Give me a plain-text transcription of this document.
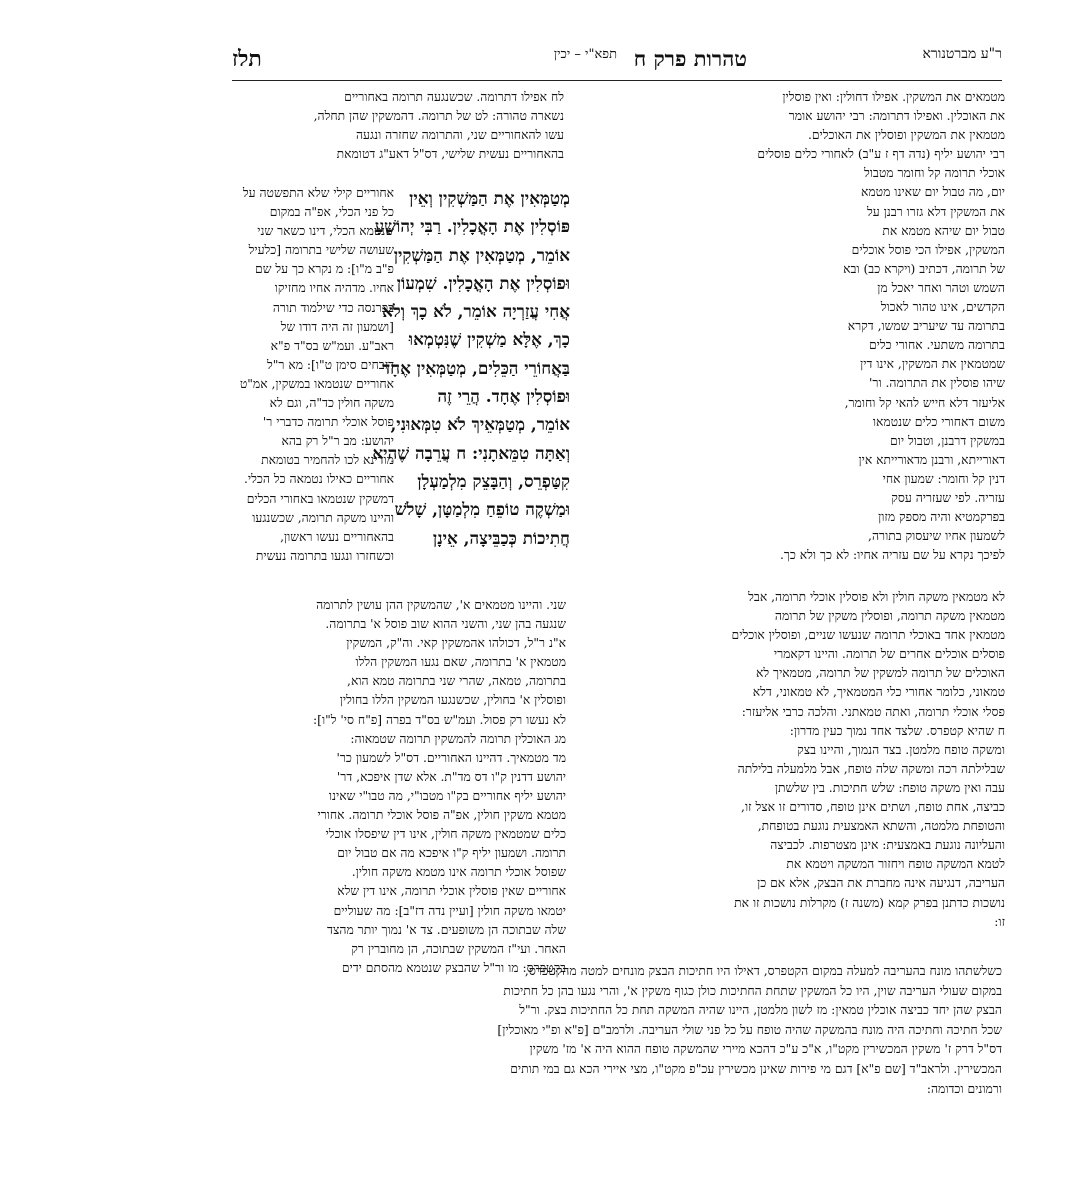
ר"ע מברטנורא
טהרות פרק ח
תפא"י – יכין
תלז
מטמאים את המשקין. אפילו דחולין: ואין פוסלין
את האוכלין. ואפילו דתרומה: רבי יהושע אומר
מטמאין את המשקין ופוסלין את האוכלים.
רבי יהושע יליף (נדה דף ז ע"ב) לאחורי כלים פוסלים
אוכלי תרומה קל וחומר מטבול
יום, מה טבול יום שאינו מטמא
את המשקין דלא גזרו רבנן על
טבול יום שיהא מטמא את
המשקין, אפילו הכי פוסל אוכלים
של תרומה, דכתיב (ויקרא כב) ובא
השמש וטהר ואחר יאכל מן
הקדשים, אינו טהור לאכול
בתרומה עד שיעריב שמשו, דקרא
בתרומה משתעי. אחורי כלים
שמטמאין את המשקין, אינו דין
שיהו פוסלין את התרומה. ור'
אליעזר דלא חייש להאי קל וחומר,
משום דאחורי כלים שנטמאו
במשקין דרבנן, וטבול יום
דאורייתא, ורבנן מדאורייתא אין
דנין קל וחומר: שמעון אחי
עזריה. לפי שעזריה עסק
בפרקמטיא והיה מספק מזון
לשמעון אחיו שיעסוק בתורה,
לפיכך נקרא על שם עזריה אחיו: לא כך ולא כך.
לח אפילו דתרומה. שכשנגעה תרומה באחוריים
נשארה טהורה: לט של תרומה. דהמשקין שהן תחלה,
עשו להאחוריים שני, והתרומה שחזרה ונגעה
בהאחוריים נעשית שלישי, דס"ל דאע"ג דטומאת
מְטַמְּאִין אֶת הַמַּשְׁקִין וְאֵין
פּוֹסְלִין אֶת הָאֳכָלִין. רַבִּי יְהוֹשֻׁעַ
אוֹמֵר, מְטַמְּאִין אֶת הַמַּשְׁקִין
וּפוֹסְלִין אֶת הָאֳכָלִין. שִׁמְעוֹן
אֲחִי עֲזַרְיָה אוֹמֵר, לֹא כָךְ וְלֹא
כָךְ, אֶלָּא מַשְׁקִין שֶׁנִּטְמְאוּ
בַּאֲחוֹרֵי הַכֵּלִים, מְטַמְּאִין אֶחָד
וּפוֹסְלִין אֶחָד. הֲרֵי זֶה
אוֹמֵר, מְטַמְּאֵיךְ לֹא טִמְּאוּנִי,
וְאַתָּה טִמֵּאתָנִי: ח עֲרֵבָה שֶׁהִיא
קִטַּפְרֵס, וְהַבָּצֵק מִלְמַעְלָן
וּמַשְׁקֶה טוֹפֵחַ מִלְמַטָּן, שָׁלֹשׁ
חֲתִיכוֹת כְּכַבֵּיצָה, אֵינָן
אחוריים קילי שלא התפשטה על
כל פני הכלי, אפ"ה במקום
שנטמא הכלי, דינו כשאר שני
שעושה שלישי בתרומה [כלעיל
פ"ב מ"ו]: מ נקרא כך על שם
אחיו. מדהיה אחיו מחזיקו
בפרנסה כדי שילמוד תורה
[ושמעון זה היה דודו של
ראב"ע. ועמ"ש בס"ד פ"א
דזבחים סימן ט"ו]: מא ר"ל
אחוריים שנטמאו במשקין, אמ"ט
משקה חולין כד"ה, וגם לא
פוסל אוכלי תרומה כדברי ר'
יהושע: מב ר"ל רק בהא
מודינא לכו להחמיר בטומאת
אחוריים כאילו נטמאה כל הכלי.
דמשקין שנטמאו באחורי הכלים
והיינו משקה תרומה, שכשנגעו
בהאחוריים נעשו ראשון,
וכשחזרו ונגעו בתרומה נעשית
שני. והיינו מטמאים א', שהמשקין ההן עושין לתרומה
שנגעה בהן שני, והשני ההוא שוב פוסל א' בתרומה.
א"נ ר"ל, דכולהו אהמשקין קאי. וה"ק, המשקין
מטמאין א' בתרומה, שאם נגעו המשקין הללו
בתרומה, טמאה, שהרי שני בתרומה טמא הוא,
ופוסלין א' בחולין, שכשנגעו המשקין הללו בחולין
לא נעשו רק פסול. ועמ"ש בס"ד בפרה [פ"ח סי' ל"ו]:
מג האוכלין תרומה להמשקין תרומה שטמאוה:
מד מטמאיך. דהיינו האחוריים. דס"ל לשמעון כר'
יהושע דדנין ק"ו דס מד"ת. אלא שדן איפכא, דר'
יהושע יליף אחוריים בק"ו מטבו"י, מה טבו"י שאינו
מטמא משקין חולין, אפ"ה פוסל אוכלי תרומה. אחורי
כלים שמטמאין משקה חולין, אינו דין שיפסלו אוכלי
תרומה. ושמעון יליף ק"ו איפכא מה אם טבול יום
שפוסל אוכלי תרומה אינו מטמא משקה חולין.
אחוריים שאין פוסלין אוכלי תרומה, אינו דין שלא
יטמאו משקה חולין [ועיין נדה דז"ב]: מה שעוליים
שלה שבתוכה הן משופעים. צד א' נמוך יותר מהצד
האחר. ועי"ז המשקין שבתוכה, הן מחוברין רק
בקטפרס: מו ור"ל שהבצק שנטמא מהסתם ידים
לא מטמאין משקה חולין ולא פוסלין אוכלי תרומה, אבל
מטמאין משקה תרומה, ופוסלין משקין של תרומה
מטמאין אחד באוכלי תרומה שנעשו שניים, ופוסלין אוכלים
פוסלים אוכלים אחרים של תרומה. והיינו דקאמרי
האוכלים של תרומה למשקין של תרומה, מטמאיך לא
טמאוני, כלומר אחורי כלי המטמאיך, לא טמאוני, דלא
פסלי אוכלי תרומה, ואתה טמאתני. והלכה כרבי אליעזר:
ח שהיא קטפרס. שלצד אחד נמוך כעין מדרון:
ומשקה טופח מלמטן. בצד הנמוך, והיינו בצק
שבלילתה רכה ומשקה שלה טופח, אבל מלמעלה בלילתה
עבה ואין משקה טופח: שלש חתיכות. בין שלשתן
כביצה, אחת טופח, ושתים אינן טופח, סדורים זו אצל זו,
והטופחת מלמטה, והשתא האמצעית נוגעת בטופחת,
והעליונה נוגעת באמצעית: אינן מצטרפות. לכביצה
לטמא המשקה טופח ויחזור המשקה ויטמא את
העריבה, דנגיעה אינה מחברת את הבצק, אלא אם כן
נושכות כדתנן בפרק קמא (משנה ז) מקרלות נושכות זו את
זו:
כשלשתהו מונח בהעריבה למעלה במקום הקטפרס, דאילו היו חתיכות הבצק מונחים למטה מהקטפרס,
במקום שעולי העריבה שוין, היו כל המשקין שתחת החתיכות כולן כגוף משקין א', והרי נגעו בהן כל חתיכות
הבצק שהן יחד כביצה אוכלין טמאין: מז לשון מלמטן, היינו שהיה המשקה תחת כל החתיכות בצק. ור"ל
שכל חתיכה וחתיכה היה מונח בהמשקה שהיה טופח על כל פני שולי העריבה. ולרמב"ם [פ"א ופ"י מאוכלין]
דס"ל דרק ז' משקין המכשירין מקט"ו, א"כ ע"כ דהכא מיירי שהמשקה טופח ההוא היה א' מז' משקין
המכשירין. ולראב"ד [שם פ"א] דגם מי פירות שאינן מכשירין עכ"פ מקט"ו, מצי איירי הכא גם במי תותים
ורמונים וכדומה:
